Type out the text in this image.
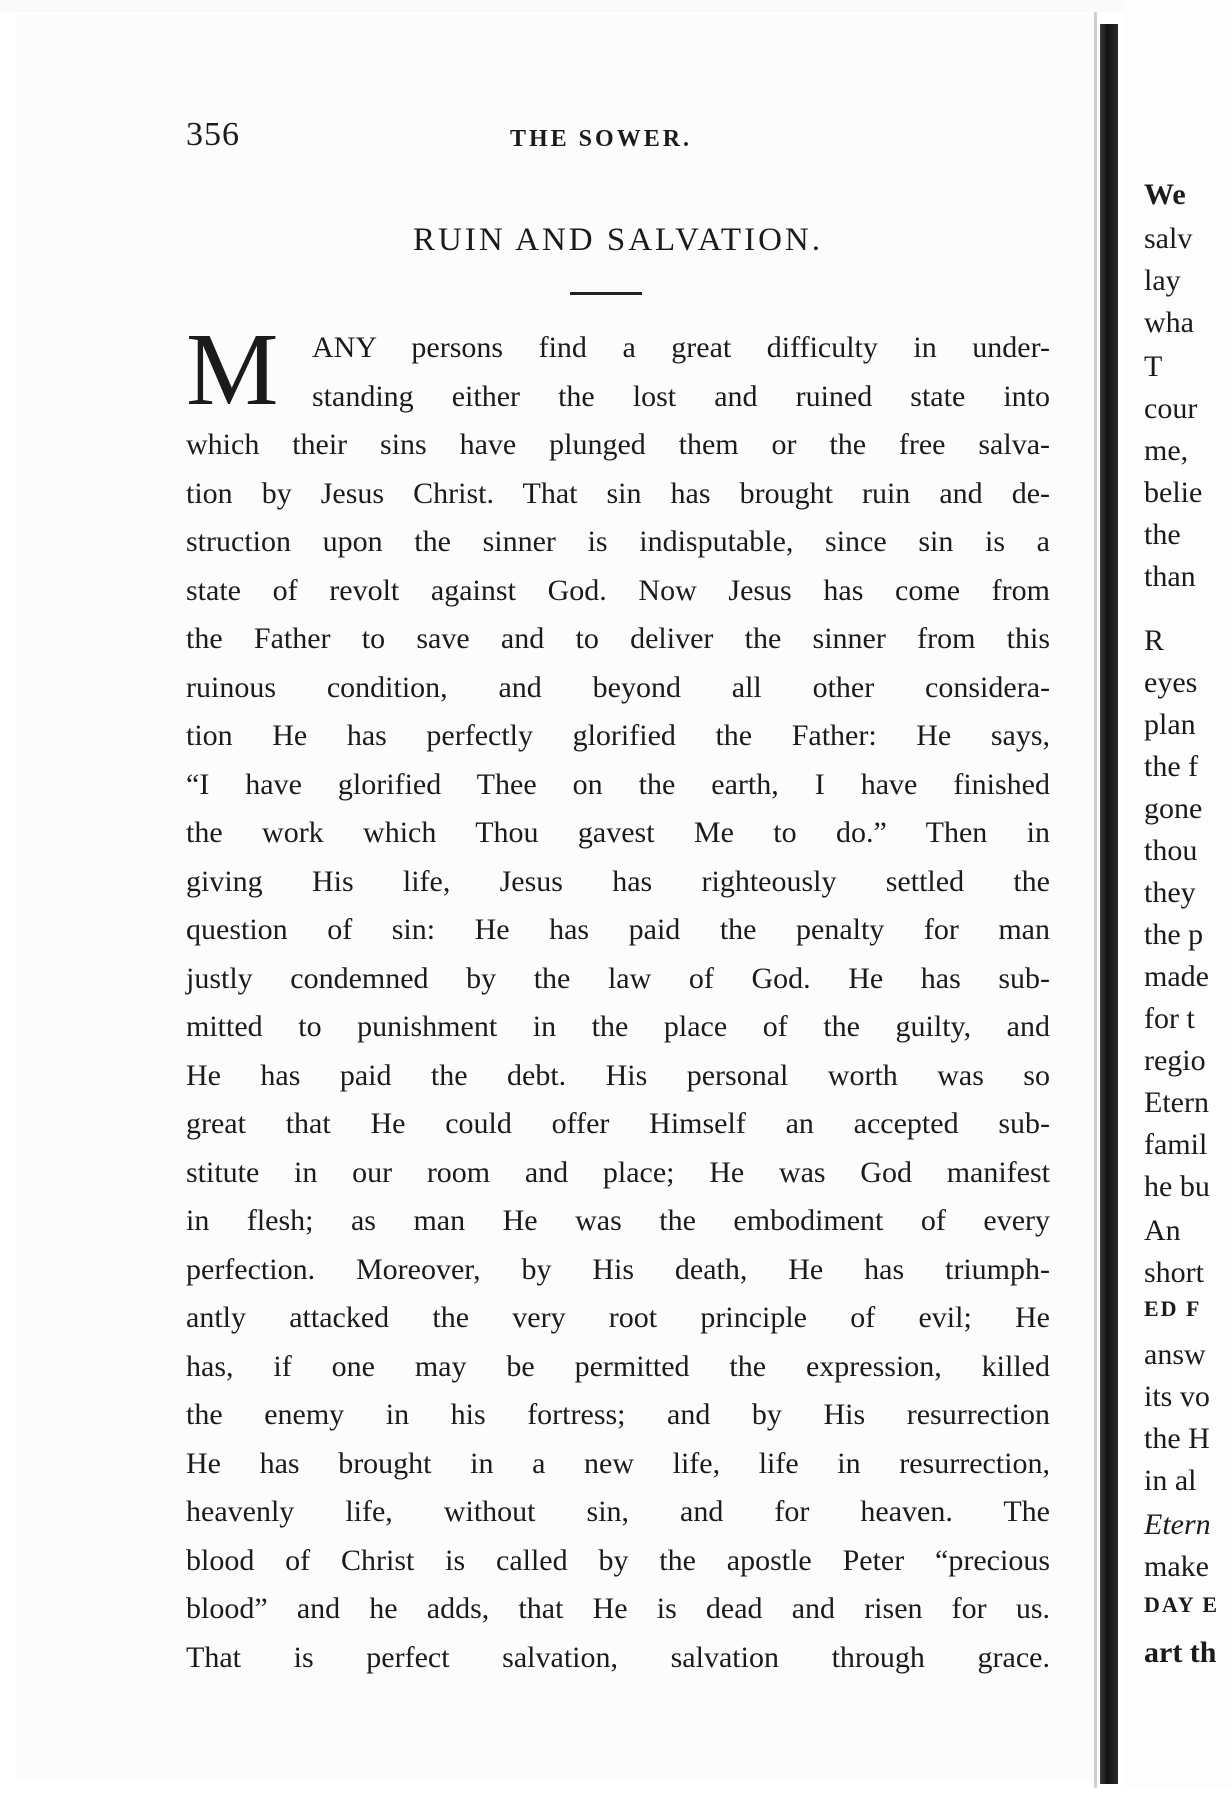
356	THE SOWER.
RUIN AND SALVATION.
M ANY persons find a great difficulty in under-
standing either the lost and ruined state into
which their sins have plunged them or the free salva-
tion by Jesus Christ. That sin has brought ruin and de-
struction upon the sinner is indisputable, since sin is a
state of revolt against God. Now Jesus has come from
the Father to save and to deliver the sinner from this
ruinous condition, and beyond all other considera-
tion He has perfectly glorified the Father: He says,
“I have glorified Thee on the earth, I have finished
the work which Thou gavest Me to do.” Then in
giving His life, Jesus has righteously settled the
question of sin: He has paid the penalty for man
justly condemned by the law of God. He has sub-
mitted to punishment in the place of the guilty, and
He has paid the debt. His personal worth was so
great that He could offer Himself an accepted sub-
stitute in our room and place; He was God manifest
in flesh; as man He was the embodiment of every
perfection. Moreover, by His death, He has triumph-
antly attacked the very root principle of evil; He
has, if one may be permitted the expression, killed
the enemy in his fortress; and by His resurrection
He has brought in a new life, life in resurrection,
heavenly life, without sin, and for heaven. The
blood of Christ is called by the apostle Peter “precious
blood” and he adds, that He is dead and risen for us.
That is perfect salvation, salvation through grace.
We
salv
lay
wha
T
cour
me,
belie
the
than
R
eyes
plan
the f
gone
thou
they
the p
made
for t
regio
Etern
famil
he bu
An
short
ED F
answ
its vo
the H
in al
Etern
make
DAY E
art th
